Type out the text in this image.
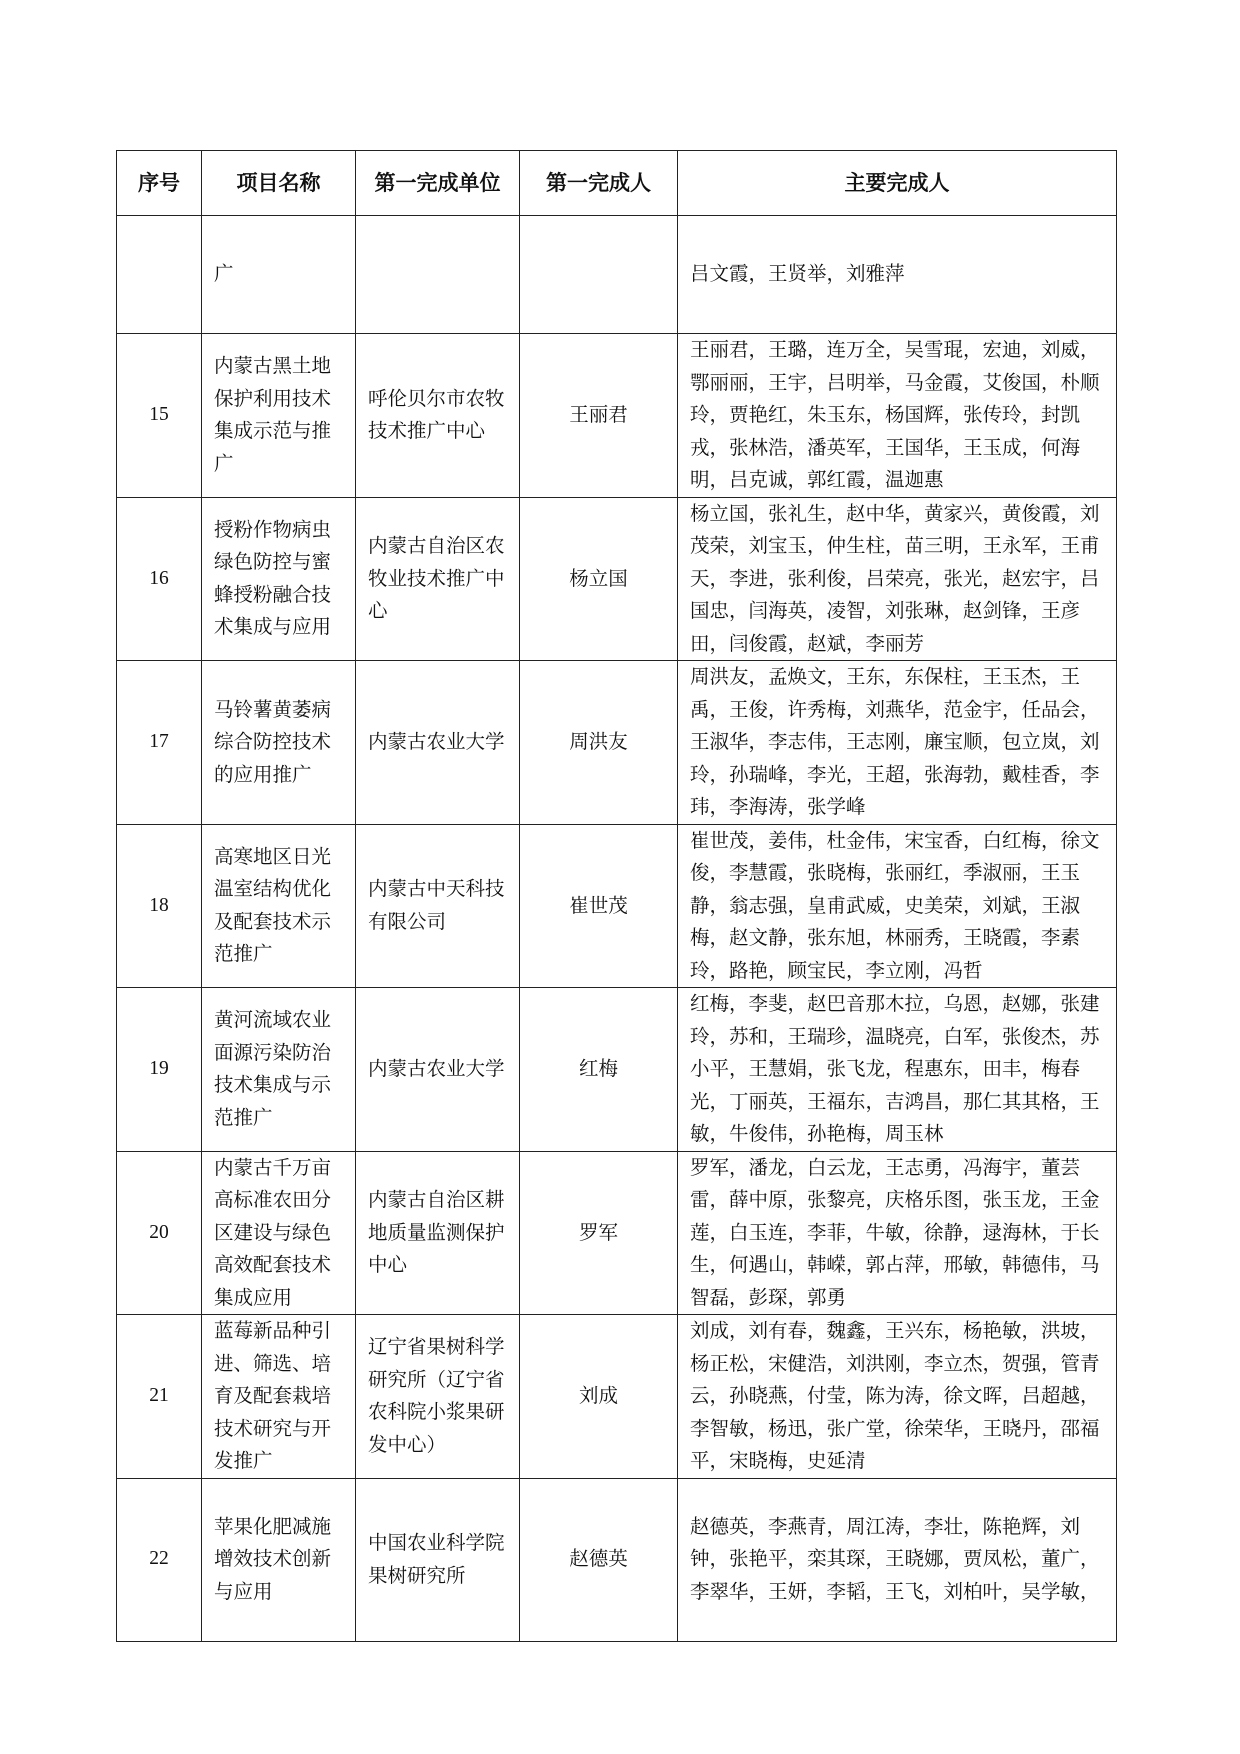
序号	项目名称	第一完成单位	第一完成人	主要完成人
	广			吕文霞，王贤举，刘雅萍
15	内蒙古黑土地保护利用技术集成示范与推广	呼伦贝尔市农牧技术推广中心	王丽君	王丽君，王璐，连万全，吴雪琨，宏迪，刘威，鄂丽丽，王宇，吕明举，马金霞，艾俊国，朴顺玲，贾艳红，朱玉东，杨国辉，张传玲，封凯戎，张林浩，潘英军，王国华，王玉成，何海明，吕克诚，郭红霞，温迦惠
16	授粉作物病虫绿色防控与蜜蜂授粉融合技术集成与应用	内蒙古自治区农牧业技术推广中心	杨立国	杨立国，张礼生，赵中华，黄家兴，黄俊霞，刘茂荣，刘宝玉，仲生柱，苗三明，王永军，王甫天，李进，张利俊，吕荣亮，张光，赵宏宇，吕国忠，闫海英，凌智，刘张琳，赵剑锋，王彦田，闫俊霞，赵斌，李丽芳
17	马铃薯黄萎病综合防控技术的应用推广	内蒙古农业大学	周洪友	周洪友，孟焕文，王东，东保柱，王玉杰，王禹，王俊，许秀梅，刘燕华，范金宇，任品会，王淑华，李志伟，王志刚，廉宝顺，包立岚，刘玲，孙瑞峰，李光，王超，张海勃，戴桂香，李玮，李海涛，张学峰
18	高寒地区日光温室结构优化及配套技术示范推广	内蒙古中天科技有限公司	崔世茂	崔世茂，姜伟，杜金伟，宋宝香，白红梅，徐文俊，李慧霞，张晓梅，张丽红，季淑丽，王玉静，翁志强，皇甫武威，史美荣，刘斌，王淑梅，赵文静，张东旭，林丽秀，王晓霞，李素玲，路艳，顾宝民，李立刚，冯哲
19	黄河流域农业面源污染防治技术集成与示范推广	内蒙古农业大学	红梅	红梅，李斐，赵巴音那木拉，乌恩，赵娜，张建玲，苏和，王瑞珍，温晓亮，白军，张俊杰，苏小平，王慧娟，张飞龙，程惠东，田丰，梅春光，丁丽英，王福东，吉鸿昌，那仁其其格，王敏，牛俊伟，孙艳梅，周玉林
20	内蒙古千万亩高标准农田分区建设与绿色高效配套技术集成应用	内蒙古自治区耕地质量监测保护中心	罗军	罗军，潘龙，白云龙，王志勇，冯海宇，董芸雷，薛中原，张黎亮，庆格乐图，张玉龙，王金莲，白玉连，李菲，牛敏，徐静，逯海林，于长生，何遇山，韩嵘，郭占萍，邢敏，韩德伟，马智磊，彭琛，郭勇
21	蓝莓新品种引进、筛选、培育及配套栽培技术研究与开发推广	辽宁省果树科学研究所（辽宁省农科院小浆果研发中心）	刘成	刘成，刘有春，魏鑫，王兴东，杨艳敏，洪坡，杨正松，宋健浩，刘洪刚，李立杰，贺强，管青云，孙晓燕，付莹，陈为涛，徐文晖，吕超越，李智敏，杨迅，张广堂，徐荣华，王晓丹，邵福平，宋晓梅，史延清
22	苹果化肥减施增效技术创新与应用	中国农业科学院果树研究所	赵德英	赵德英，李燕青，周江涛，李壮，陈艳辉，刘钟，张艳平，栾其琛，王晓娜，贾凤松，董广，李翠华，王妍，李韬，王飞，刘柏叶，吴学敏，
